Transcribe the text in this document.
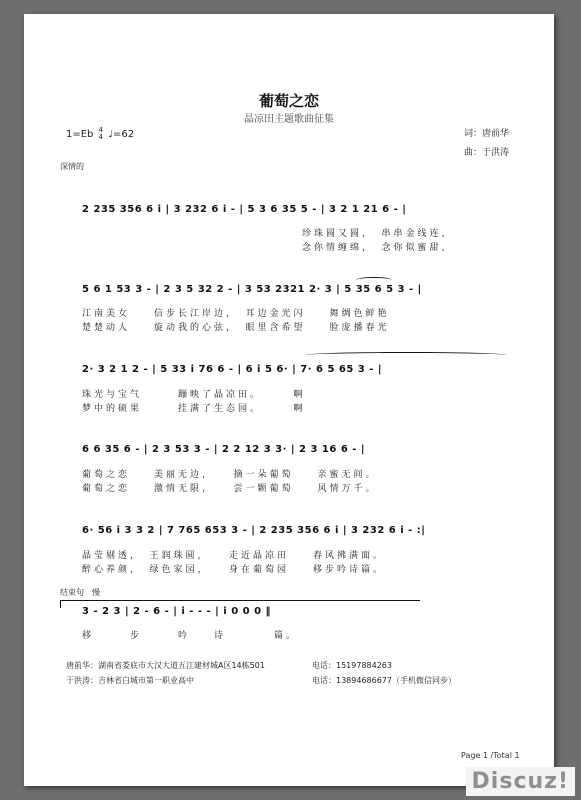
葡萄之恋
晶凉田主题歌曲征集
1=Eb 4
4 ♩=62	词：唐前华
曲：于洪涛
深情的
2 235 356 6 i | 3 232 6 i - | 5 3 6 35 5 - | 3 2 1 21 6 - |
珍珠圆又圆，　串串金线连，
念你情缠绵，　念你似蜜甜，
5 6 1 53 3 - | 2 3 5 32 2 - | 3 53 2321 2· 3 | 5 35 6 5 3 - |
江南美女　　信步长江岸边，　耳边金光闪　　舞绸色鲜艳
楚楚动人　　旋动我的心弦，　眼里含希望　　脸庞播春光
2· 3 2 1 2 - | 5 33 i 76 6 - | 6 i 5 6· | 7· 6 5 65 3 - |
珠光与宝气　　　蹦映了晶凉田。　　　啊
梦中的硕果　　　挂满了生态园。　　　啊
6 6 35 6 - | 2 3 53 3 - | 2 2 12 3 3· | 2 3 16 6 - |
葡萄之恋　　美丽无边，　　摘一朵葡萄　　亲蜜无间。
葡萄之恋　　激情无限，　　尝一颗葡萄　　风情万千。
6· 56 i 3 3 2 | 7 765 653 3 - | 2 235 356 6 i | 3 232 6 i - :|
晶莹剔透，　王润珠圆，　　走近晶凉田　　春风拂满面。
醉心养颜，　绿色家园，　　身在葡萄园　　移步吟诗篇。
结束句　慢
3 - 2 3 | 2 - 6 - | i - - - | i 0 0 0 ‖
移　　　步　　　吟　　诗　　　　篇。
唐前华：湖南省娄底市大汉大道五江建材城A区14栋501	电话：15197884263
于洪涛：吉林省白城市第一职业高中	电话：13894686677（手机微信同步）
Page 1 /Total 1
Discuz!
